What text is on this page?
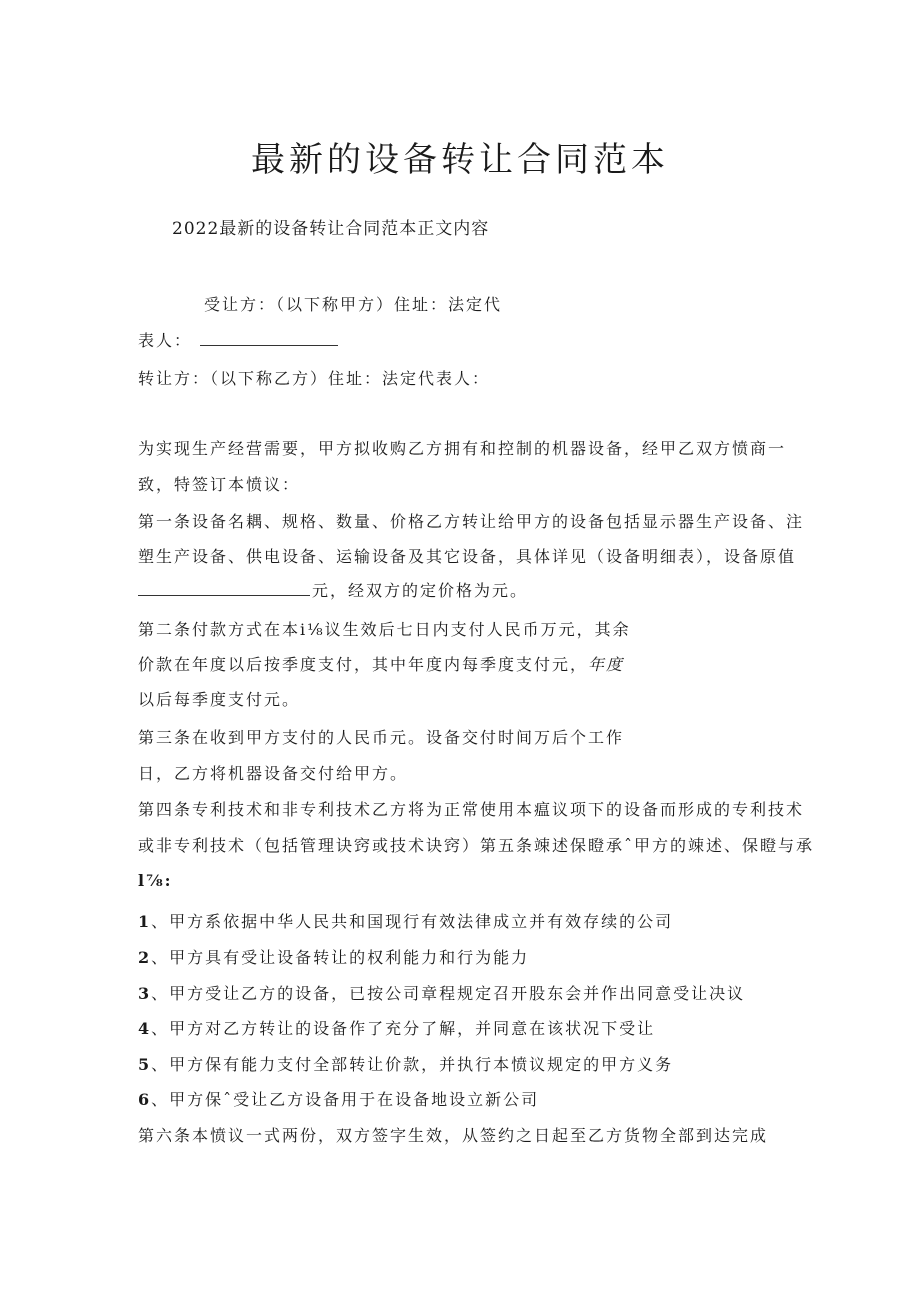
最新的设备转让合同范本
2022最新的设备转让合同范本正文内容
受让方：（以下称甲方）住址：法定代
表人：
转让方：（以下称乙方）住址：法定代表人：
为实现生产经营需要，甲方拟收购乙方拥有和控制的机器设备，经甲乙双方愤商一
致，特签订本愤议：
第一条设备名耦、规格、数量、价格乙方转让给甲方的设备包括显示器生产设备、注
塑生产设备、供电设备、运输设备及其它设备，具体详见（设备明细表），设备原值
元，经双方的定价格为元。
第二条付款方式在本i⅛议生效后七日内支付人民币万元，其余
价款在年度以后按季度支付，其中年度内每季度支付元，年度
以后每季度支付元。
第三条在收到甲方支付的人民币元。设备交付时间万后个工作
日，乙方将机器设备交付给甲方。
第四条专利技术和非专利技术乙方将为正常使用本瘟议项下的设备而形成的专利技术
或非专利技术（包括管理诀窍或技术诀窍）第五条竦述保瞪承ˆ甲方的竦述、保瞪与承
l⅞:
1、甲方系依据中华人民共和国现行有效法律成立并有效存续的公司
2、甲方具有受让设备转让的权利能力和行为能力
3、甲方受让乙方的设备，已按公司章程规定召开股东会并作出同意受让决议
4、甲方对乙方转让的设备作了充分了解，并同意在该状况下受让
5、甲方保有能力支付全部转让价款，并执行本愤议规定的甲方义务
6、甲方保ˆ受让乙方设备用于在设备地设立新公司
第六条本愤议一式两份，双方签字生效，从签约之日起至乙方货物全部到达完成
